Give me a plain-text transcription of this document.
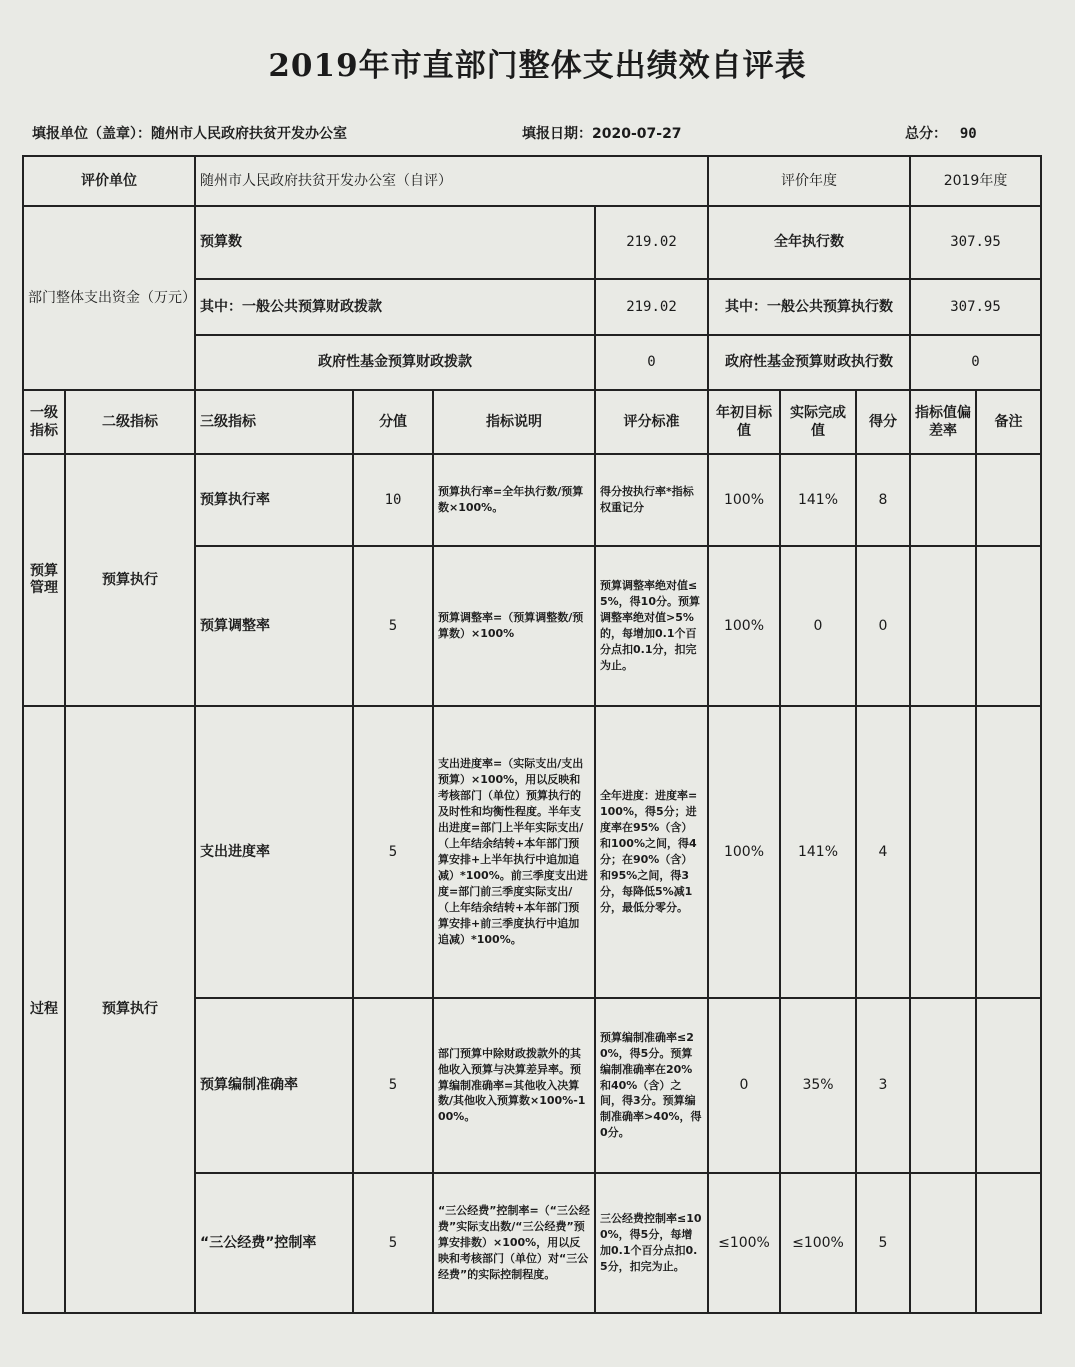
2019年市直部门整体支出绩效自评表
填报单位（盖章）：随州市人民政府扶贫开发办公室	填报日期：2020-07-27	总分： 90
评价单位		随州市人民政府扶贫开发办公室（自评）				评价年度			2019年度	
部门整体支出资金（万元）		预算数			219.02	全年执行数			307.95	
		其中：一般公共预算财政拨款			219.02	其中：一般公共预算执行数			307.95	
		政府性基金预算财政拨款			0	政府性基金预算财政执行数			0	
一级指标	二级指标	三级指标	分值	指标说明	评分标准	年初目标值	实际完成值	得分	指标值偏差率	备注
预算管理	预算执行	预算执行率	10	预算执行率=全年执行数/预算数×100%。	得分按执行率*指标权重记分	100%	141%	8		
		预算调整率	5	预算调整率=（预算调整数/预算数）×100%	预算调整率绝对值≤5%，得10分。预算调整率绝对值>5%的，每增加0.1个百分点扣0.1分，扣完为止。	100%	0	0		
过程	预算执行	支出进度率	5	支出进度率=（实际支出/支出预算）×100%，用以反映和考核部门（单位）预算执行的及时性和均衡性程度。半年支出进度=部门上半年实际支出/（上年结余结转+本年部门预算安排+上半年执行中追加追减）*100%。前三季度支出进度=部门前三季度实际支出/（上年结余结转+本年部门预算安排+前三季度执行中追加追减）*100%。	全年进度：进度率=100%，得5分；进度率在95%（含）和100%之间，得4分；在90%（含）和95%之间，得3分，每降低5%减1分，最低分零分。	100%	141%	4		
		预算编制准确率	5	部门预算中除财政拨款外的其他收入预算与决算差异率。预算编制准确率=其他收入决算数/其他收入预算数×100%-100%。	预算编制准确率≤20%，得5分。预算编制准确率在20%和40%（含）之间，得3分。预算编制准确率>40%，得0分。	0	35%	3		
		“三公经费”控制率	5	“三公经费”控制率=（“三公经费”实际支出数/“三公经费”预算安排数）×100%，用以反映和考核部门（单位）对“三公经费”的实际控制程度。	三公经费控制率≤100%，得5分，每增加0.1个百分点扣0.5分，扣完为止。	≤100%	≤100%	5		
